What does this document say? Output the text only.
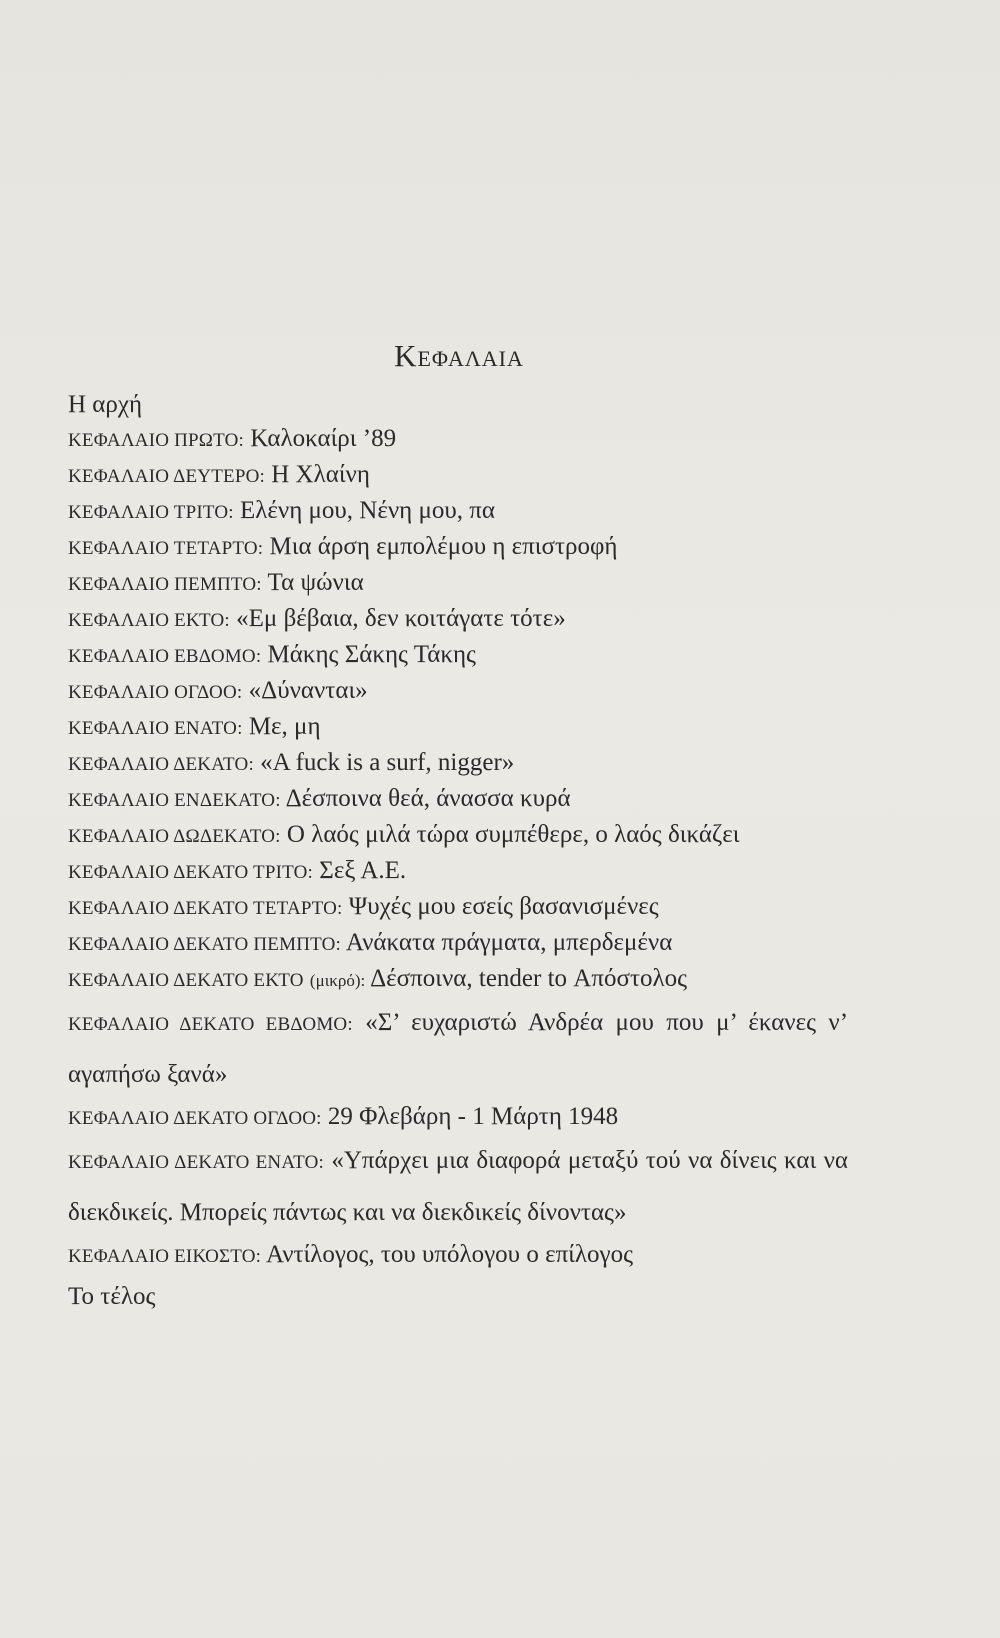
Κεφαλαια
Η αρχή
ΚΕΦΑΛΑΙΟ ΠΡΩΤΟ: Καλοκαίρι ’89
ΚΕΦΑΛΑΙΟ ΔΕΥΤΕΡΟ: Η Χλαίνη
ΚΕΦΑΛΑΙΟ ΤΡΙΤΟ: Ελένη μου, Νένη μου, πα
ΚΕΦΑΛΑΙΟ ΤΕΤΑΡΤΟ: Μια άρση εμπολέμου η επιστροφή
ΚΕΦΑΛΑΙΟ ΠΕΜΠΤΟ: Τα ψώνια
ΚΕΦΑΛΑΙΟ ΕΚΤΟ: «Εμ βέβαια, δεν κοιτάγατε τότε»
ΚΕΦΑΛΑΙΟ ΕΒΔΟΜΟ: Μάκης Σάκης Τάκης
ΚΕΦΑΛΑΙΟ ΟΓΔΟΟ: «Δύνανται»
ΚΕΦΑΛΑΙΟ ΕΝΑΤΟ: Με, μη
ΚΕΦΑΛΑΙΟ ΔΕΚΑΤΟ: «A fuck is a surf, nigger»
ΚΕΦΑΛΑΙΟ ΕΝΔΕΚΑΤΟ: Δέσποινα θεά, άνασσα κυρά
ΚΕΦΑΛΑΙΟ ΔΩΔΕΚΑΤΟ: Ο λαός μιλά τώρα συμπέθερε, ο λαός δικάζει
ΚΕΦΑΛΑΙΟ ΔΕΚΑΤΟ ΤΡΙΤΟ: Σεξ Α.Ε.
ΚΕΦΑΛΑΙΟ ΔΕΚΑΤΟ ΤΕΤΑΡΤΟ: Ψυχές μου εσείς βασανισμένες
ΚΕΦΑΛΑΙΟ ΔΕΚΑΤΟ ΠΕΜΠΤΟ: Ανάκατα πράγματα, μπερδεμένα
ΚΕΦΑΛΑΙΟ ΔΕΚΑΤΟ ΕΚΤΟ (μικρό): Δέσποινα, tender to Απόστολος
ΚΕΦΑΛΑΙΟ ΔΕΚΑΤΟ ΕΒΔΟΜΟ: «Σ’ ευχαριστώ Ανδρέα μου που μ’ έκανες ν’ αγαπήσω ξανά»
ΚΕΦΑΛΑΙΟ ΔΕΚΑΤΟ ΟΓΔΟΟ: 29 Φλεβάρη - 1 Μάρτη 1948
ΚΕΦΑΛΑΙΟ ΔΕΚΑΤΟ ΕΝΑΤΟ: «Υπάρχει μια διαφορά μεταξύ τού να δίνεις και να διεκδικείς. Μπορείς πάντως και να διεκδικείς δίνοντας»
ΚΕΦΑΛΑΙΟ ΕΙΚΟΣΤΟ: Αντίλογος, του υπόλογου ο επίλογος
Το τέλος
